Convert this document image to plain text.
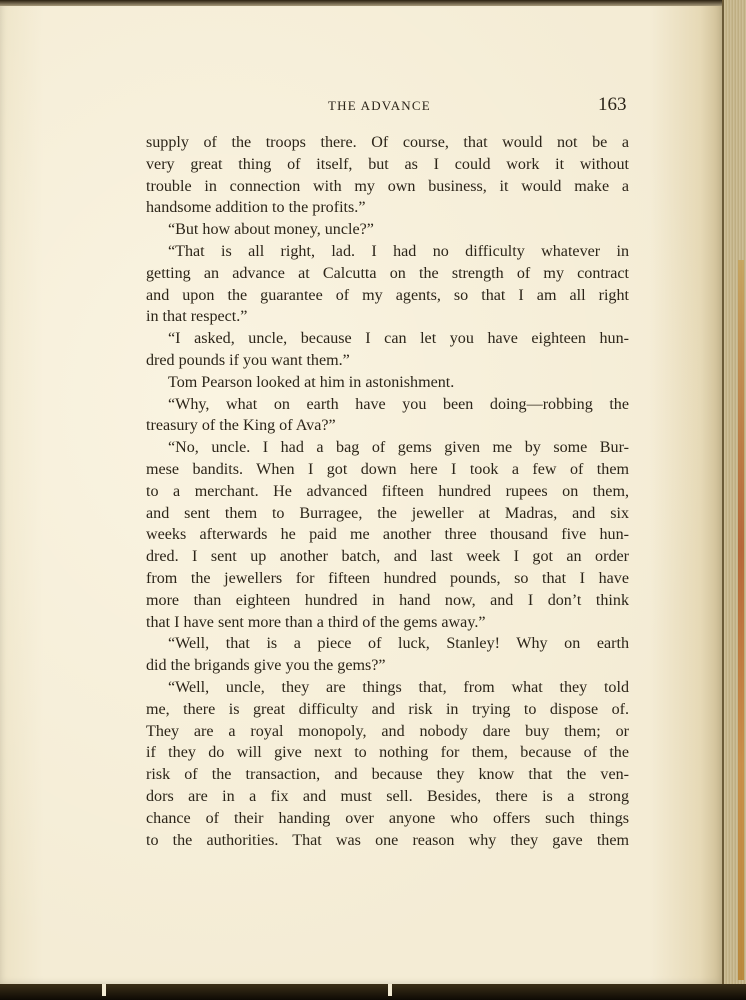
THE ADVANCE	163
supply of the troops there. Of course, that would not be a
very great thing of itself, but as I could work it without
trouble in connection with my own business, it would make a
handsome addition to the profits.”
“But how about money, uncle?”
“That is all right, lad. I had no difficulty whatever in
getting an advance at Calcutta on the strength of my contract
and upon the guarantee of my agents, so that I am all right
in that respect.”
“I asked, uncle, because I can let you have eighteen hun-
dred pounds if you want them.”
Tom Pearson looked at him in astonishment.
“Why, what on earth have you been doing—robbing the
treasury of the King of Ava?”
“No, uncle. I had a bag of gems given me by some Bur-
mese bandits. When I got down here I took a few of them
to a merchant. He advanced fifteen hundred rupees on them,
and sent them to Burragee, the jeweller at Madras, and six
weeks afterwards he paid me another three thousand five hun-
dred. I sent up another batch, and last week I got an order
from the jewellers for fifteen hundred pounds, so that I have
more than eighteen hundred in hand now, and I don’t think
that I have sent more than a third of the gems away.”
“Well, that is a piece of luck, Stanley! Why on earth
did the brigands give you the gems?”
“Well, uncle, they are things that, from what they told
me, there is great difficulty and risk in trying to dispose of.
They are a royal monopoly, and nobody dare buy them; or
if they do will give next to nothing for them, because of the
risk of the transaction, and because they know that the ven-
dors are in a fix and must sell. Besides, there is a strong
chance of their handing over anyone who offers such things
to the authorities. That was one reason why they gave them
